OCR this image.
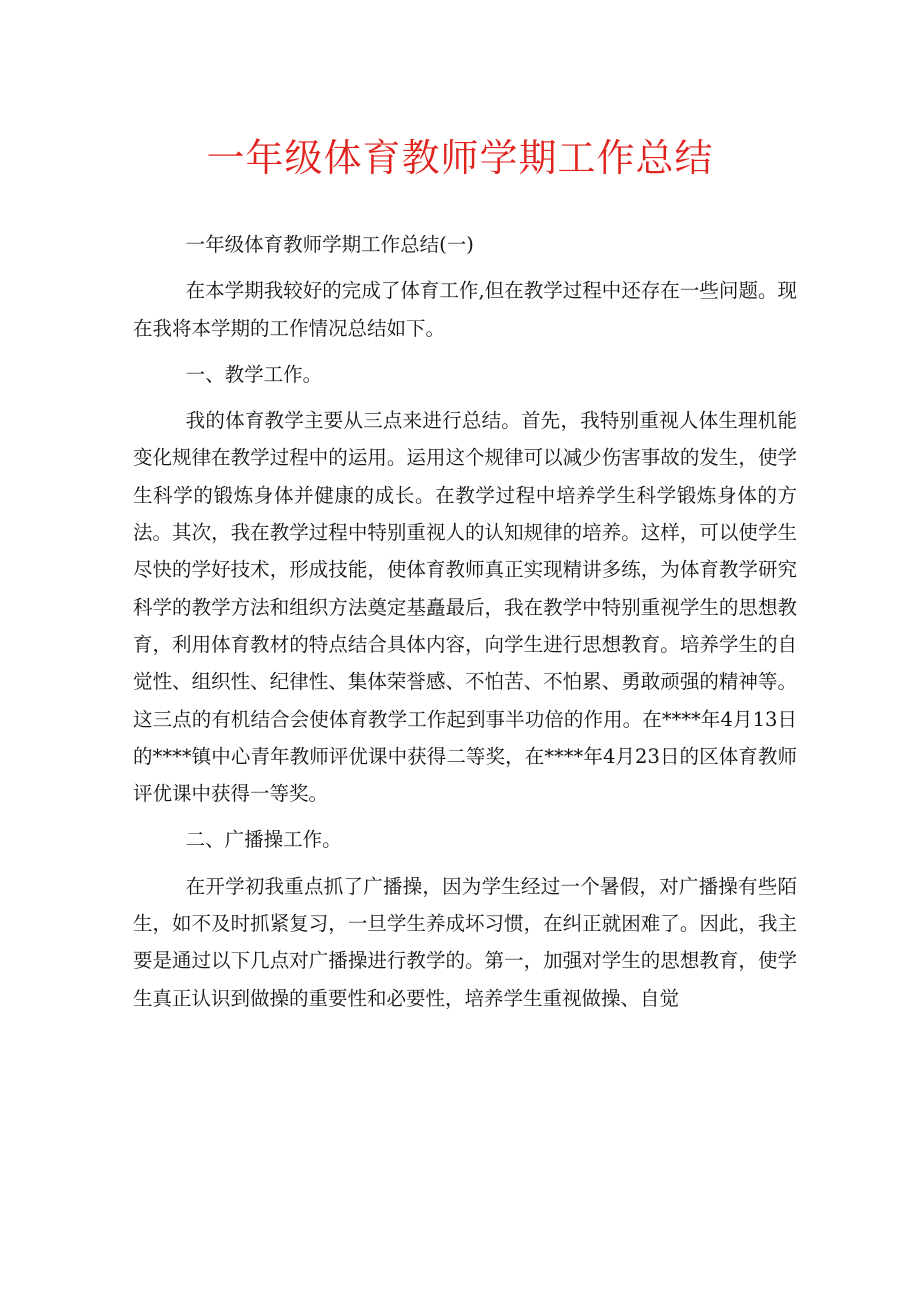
一年级体育教师学期工作总结

一年级体育教师学期工作总结(一)

在本学期我较好的完成了体育工作,但在教学过程中还存在一些问题。现在我将本学期的工作情况总结如下。

一、教学工作。

我的体育教学主要从三点来进行总结。首先，我特别重视人体生理机能变化规律在教学过程中的运用。运用这个规律可以减少伤害事故的发生，使学生科学的锻炼身体并健康的成长。在教学过程中培养学生科学锻炼身体的方法。其次，我在教学过程中特别重视人的认知规律的培养。这样，可以使学生尽快的学好技术，形成技能，使体育教师真正实现精讲多练，为体育教学研究科学的教学方法和组织方法奠定基矗最后，我在教学中特别重视学生的思想教育，利用体育教材的特点结合具体内容，向学生进行思想教育。培养学生的自觉性、组织性、纪律性、集体荣誉感、不怕苦、不怕累、勇敢顽强的精神等。这三点的有机结合会使体育教学工作起到事半功倍的作用。在****年4月13日的****镇中心青年教师评优课中获得二等奖，在****年4月23日的区体育教师评优课中获得一等奖。

二、广播操工作。

在开学初我重点抓了广播操，因为学生经过一个暑假，对广播操有些陌生，如不及时抓紧复习，一旦学生养成坏习惯，在纠正就困难了。因此，我主要是通过以下几点对广播操进行教学的。第一，加强对学生的思想教育，使学生真正认识到做操的重要性和必要性，培养学生重视做操、自觉
